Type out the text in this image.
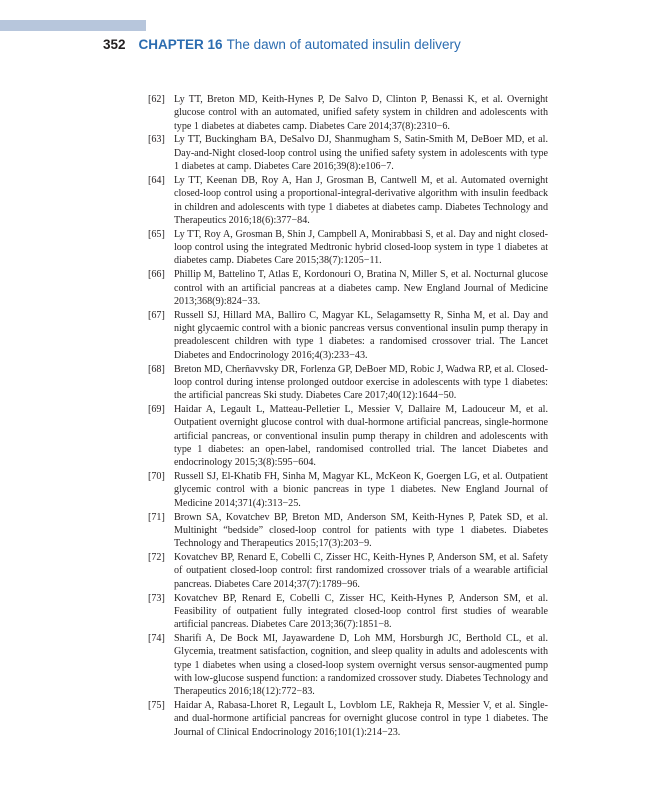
352 CHAPTER 16 The dawn of automated insulin delivery
[62] Ly TT, Breton MD, Keith-Hynes P, De Salvo D, Clinton P, Benassi K, et al. Overnight glucose control with an automated, unified safety system in children and adolescents with type 1 diabetes at diabetes camp. Diabetes Care 2014;37(8):2310−6.
[63] Ly TT, Buckingham BA, DeSalvo DJ, Shanmugham S, Satin-Smith M, DeBoer MD, et al. Day-and-Night closed-loop control using the unified safety system in adolescents with type 1 diabetes at camp. Diabetes Care 2016;39(8):e106−7.
[64] Ly TT, Keenan DB, Roy A, Han J, Grosman B, Cantwell M, et al. Automated overnight closed-loop control using a proportional-integral-derivative algorithm with insulin feedback in children and adolescents with type 1 diabetes at diabetes camp. Diabetes Technology and Therapeutics 2016;18(6):377−84.
[65] Ly TT, Roy A, Grosman B, Shin J, Campbell A, Monirabbasi S, et al. Day and night closed-loop control using the integrated Medtronic hybrid closed-loop system in type 1 diabetes at diabetes camp. Diabetes Care 2015;38(7):1205−11.
[66] Phillip M, Battelino T, Atlas E, Kordonouri O, Bratina N, Miller S, et al. Nocturnal glucose control with an artificial pancreas at a diabetes camp. New England Journal of Medicine 2013;368(9):824−33.
[67] Russell SJ, Hillard MA, Balliro C, Magyar KL, Selagamsetty R, Sinha M, et al. Day and night glycaemic control with a bionic pancreas versus conventional insulin pump therapy in preadolescent children with type 1 diabetes: a randomised crossover trial. The Lancet Diabetes and Endocrinology 2016;4(3):233−43.
[68] Breton MD, Cherñavvsky DR, Forlenza GP, DeBoer MD, Robic J, Wadwa RP, et al. Closed-loop control during intense prolonged outdoor exercise in adolescents with type 1 diabetes: the artificial pancreas Ski study. Diabetes Care 2017;40(12):1644−50.
[69] Haidar A, Legault L, Matteau-Pelletier L, Messier V, Dallaire M, Ladouceur M, et al. Outpatient overnight glucose control with dual-hormone artificial pancreas, single-hormone artificial pancreas, or conventional insulin pump therapy in children and adolescents with type 1 diabetes: an open-label, randomised controlled trial. The lancet Diabetes and endocrinology 2015;3(8):595−604.
[70] Russell SJ, El-Khatib FH, Sinha M, Magyar KL, McKeon K, Goergen LG, et al. Outpatient glycemic control with a bionic pancreas in type 1 diabetes. New England Journal of Medicine 2014;371(4):313−25.
[71] Brown SA, Kovatchev BP, Breton MD, Anderson SM, Keith-Hynes P, Patek SD, et al. Multinight “bedside” closed-loop control for patients with type 1 diabetes. Diabetes Technology and Therapeutics 2015;17(3):203−9.
[72] Kovatchev BP, Renard E, Cobelli C, Zisser HC, Keith-Hynes P, Anderson SM, et al. Safety of outpatient closed-loop control: first randomized crossover trials of a wearable artificial pancreas. Diabetes Care 2014;37(7):1789−96.
[73] Kovatchev BP, Renard E, Cobelli C, Zisser HC, Keith-Hynes P, Anderson SM, et al. Feasibility of outpatient fully integrated closed-loop control first studies of wearable artificial pancreas. Diabetes Care 2013;36(7):1851−8.
[74] Sharifi A, De Bock MI, Jayawardene D, Loh MM, Horsburgh JC, Berthold CL, et al. Glycemia, treatment satisfaction, cognition, and sleep quality in adults and adolescents with type 1 diabetes when using a closed-loop system overnight versus sensor-augmented pump with low-glucose suspend function: a randomized crossover study. Diabetes Technology and Therapeutics 2016;18(12):772−83.
[75] Haidar A, Rabasa-Lhoret R, Legault L, Lovblom LE, Rakheja R, Messier V, et al. Single-and dual-hormone artificial pancreas for overnight glucose control in type 1 diabetes. The Journal of Clinical Endocrinology 2016;101(1):214−23.
